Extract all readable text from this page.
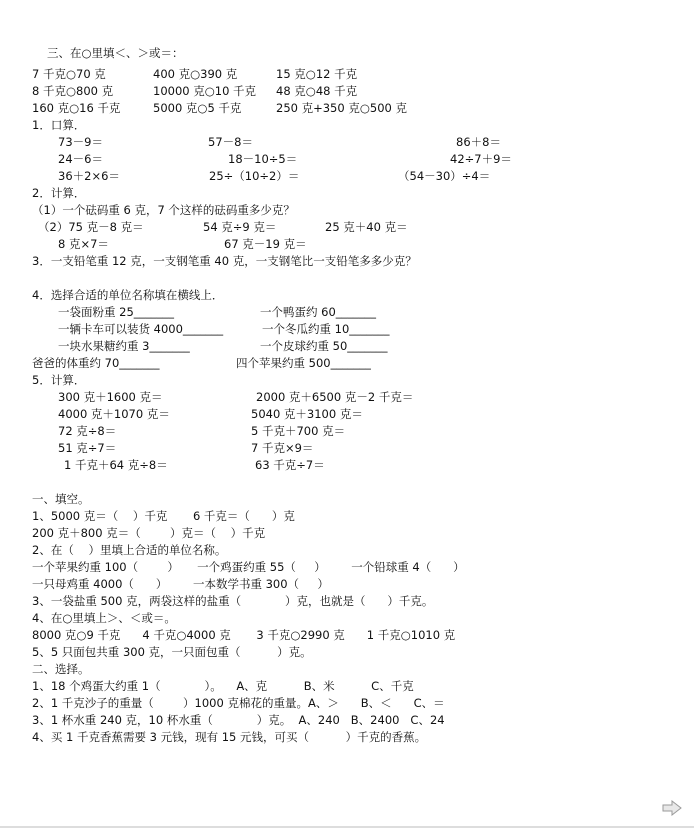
三、在○里填＜、＞或＝：
7 千克○70 克	400 克○390 克	15 克○12 千克
8 千克○800 克	10000 克○10 千克 48 克○48 千克
160 克○16 千克	5000 克○5 千克	250 克+350 克○500 克
1．口算．
73－9＝	57－8＝	86＋8＝
24－6＝	18－10÷5＝	42÷7＋9＝
36＋2×6＝	25÷（10÷2）＝	（54－30）÷4＝
2．计算．
（1）一个砝码重 6 克，7 个这样的砝码重多少克？
（2）75 克－8 克＝	54 克÷9 克＝	25 克＋40 克＝
8 克×7＝	67 克－19 克＝
3．一支铅笔重 12 克，一支钢笔重 40 克，一支钢笔比一支铅笔多多少克？
4．选择合适的单位名称填在横线上．
一袋面粉重 25_______	一个鸭蛋约 60_______
一辆卡车可以装货 4000_______	一个冬瓜约重 10_______
一块水果糖约重 3_______	一个皮球约重 50_______
爸爸的体重约 70_______	四个苹果约重 500_______
5．计算．
300 克＋1600 克＝	2000 克＋6500 克－2 千克＝
4000 克＋1070 克＝	5040 克＋3100 克＝
72 克÷8＝	5 千克＋700 克＝
51 克÷7＝	7 千克×9＝
1 千克＋64 克÷8＝	63 千克÷7＝
一、填空。
1、5000 克＝（    ）千克       6 千克＝（      ）克
200 克＋800 克＝（        ）克＝（    ）千克
2、在（    ）里填上合适的单位名称。
一个苹果约重 100（        ）     一个鸡蛋约重 55（     ）       一个铅球重 4（      ）
一只母鸡重 4000（      ）       一本数学书重 300（     ）
3、一袋盐重 500 克，两袋这样的盐重（            ）克，也就是（      ）千克。
4、在○里填上＞、＜或＝。
8000 克○9 千克      4 千克○4000 克       3 千克○2990 克      1 千克○1010 克
5、5 只面包共重 300 克，一只面包重（          ）克。
二、选择。
1、18 个鸡蛋大约重 1（            ）。    A、克          B、米          C、千克
2、1 千克沙子的重量（        ）1000 克棉花的重量。A、＞      B、＜      C、＝
3、1 杯水重 240 克，10 杯水重（            ）克。  A、240   B、2400   C、24
4、买 1 千克香蕉需要 3 元钱，现有 15 元钱，可买（          ）千克的香蕉。
